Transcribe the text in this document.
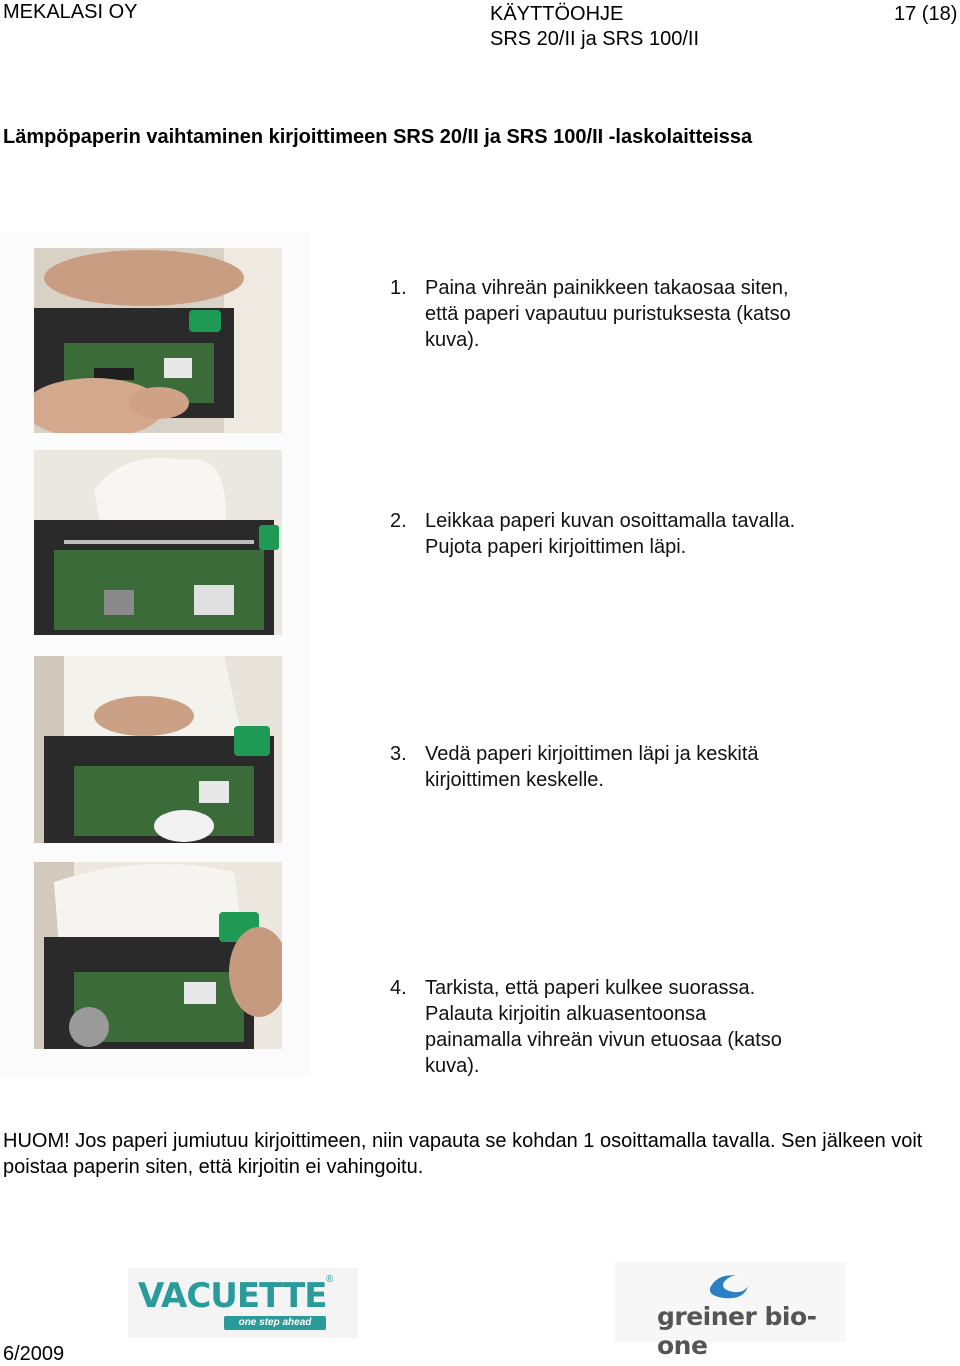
MEKALASI OY	KÄYTTÖOHJE
SRS 20/II ja SRS 100/II
17 (18)
Lämpöpaperin vaihtaminen kirjoittimeen SRS 20/II ja SRS 100/II -laskolaitteissa
1. Paina vihreän painikkeen takaosaa siten, että paperi vapautuu puristuksesta (katso kuva).
2. Leikkaa paperi kuvan osoittamalla tavalla. Pujota paperi kirjoittimen läpi.
3. Vedä paperi kirjoittimen läpi ja keskitä kirjoittimen keskelle.
4. Tarkista, että paperi kulkee suorassa. Palauta kirjoitin alkuasentoonsa painamalla vihreän vivun etuosaa (katso kuva).
HUOM! Jos paperi jumiutuu kirjoittimeen, niin vapauta se kohdan 1 osoittamalla tavalla. Sen jälkeen voit poistaa paperin siten, että kirjoitin ei vahingoitu.
VACUETTE ®
one step ahead	greiner bio-one
6/2009
